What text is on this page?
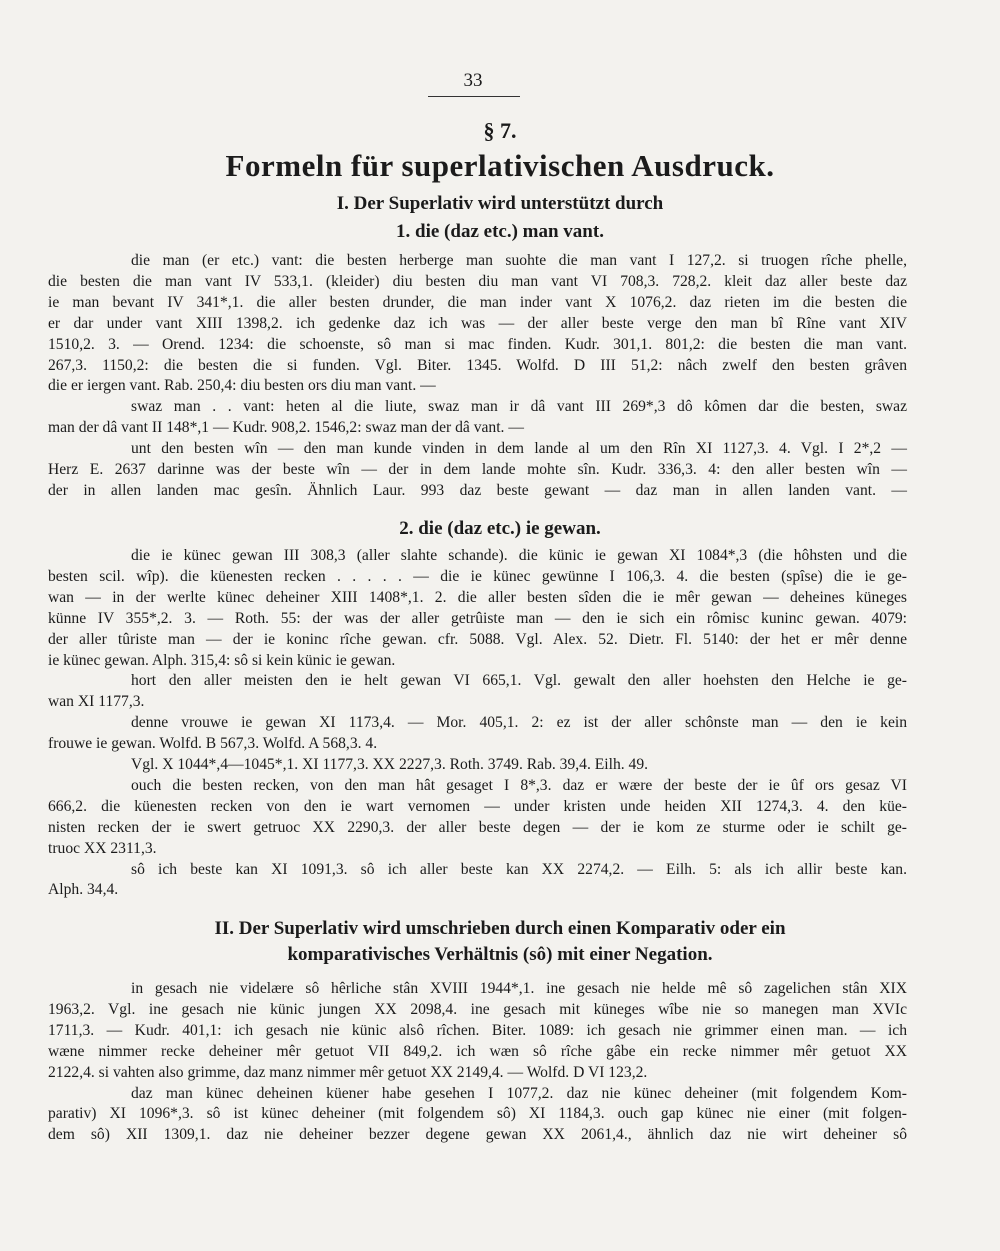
33
§ 7.
Formeln für superlativischen Ausdruck.
I. Der Superlativ wird unterstützt durch
1. die (daz etc.) man vant.
die man (er etc.) vant: die besten herberge man suohte die man vant I 127,2. si truogen rîche phelle,
die besten die man vant IV 533,1. (kleider) diu besten diu man vant VI 708,3. 728,2. kleit daz aller beste daz
ie man bevant IV 341*,1. die aller besten drunder, die man inder vant X 1076,2. daz rieten im die besten die
er dar under vant XIII 1398,2. ich gedenke daz ich was — der aller beste verge den man bî Rîne vant XIV
1510,2. 3. — Orend. 1234: die schoenste, sô man si mac finden. Kudr. 301,1. 801,2: die besten die man vant.
267,3. 1150,2: die besten die si funden. Vgl. Biter. 1345. Wolfd. D III 51,2: nâch zwelf den besten grâven
die er iergen vant. Rab. 250,4: diu besten ors diu man vant. —
swaz man . . vant: heten al die liute, swaz man ir dâ vant III 269*,3 dô kômen dar die besten, swaz
man der dâ vant II 148*,1 — Kudr. 908,2. 1546,2: swaz man der dâ vant. —
unt den besten wîn — den man kunde vinden in dem lande al um den Rîn XI 1127,3. 4. Vgl. I 2*,2 —
Herz E. 2637 darinne was der beste wîn — der in dem lande mohte sîn. Kudr. 336,3. 4: den aller besten wîn —
der in allen landen mac gesîn. Ähnlich Laur. 993 daz beste gewant — daz man in allen landen vant. —
2. die (daz etc.) ie gewan.
die ie künec gewan III 308,3 (aller slahte schande). die künic ie gewan XI 1084*,3 (die hôhsten und die
besten scil. wîp). die küenesten recken . . . . . — die ie künec gewünne I 106,3. 4. die besten (spîse) die ie ge-
wan — in der werlte künec deheiner XIII 1408*,1. 2. die aller besten sîden die ie mêr gewan — deheines küneges
künne IV 355*,2. 3. — Roth. 55: der was der aller getrûiste man — den ie sich ein rômisc kuninc gewan. 4079:
der aller tûriste man — der ie koninc rîche gewan. cfr. 5088. Vgl. Alex. 52. Dietr. Fl. 5140: der het er mêr denne
ie künec gewan. Alph. 315,4: sô si kein künic ie gewan.
hort den aller meisten den ie helt gewan VI 665,1. Vgl. gewalt den aller hoehsten den Helche ie ge-
wan XI 1177,3.
denne vrouwe ie gewan XI 1173,4. — Mor. 405,1. 2: ez ist der aller schônste man — den ie kein
frouwe ie gewan. Wolfd. B 567,3. Wolfd. A 568,3. 4.
Vgl. X 1044*,4—1045*,1. XI 1177,3. XX 2227,3. Roth. 3749. Rab. 39,4. Eilh. 49.
ouch die besten recken, von den man hât gesaget I 8*,3. daz er wære der beste der ie ûf ors gesaz VI
666,2. die küenesten recken von den ie wart vernomen — under kristen unde heiden XII 1274,3. 4. den küe-
nisten recken der ie swert getruoc XX 2290,3. der aller beste degen — der ie kom ze sturme oder ie schilt ge-
truoc XX 2311,3.
sô ich beste kan XI 1091,3. sô ich aller beste kan XX 2274,2. — Eilh. 5: als ich allir beste kan.
Alph. 34,4.
II. Der Superlativ wird umschrieben durch einen Komparativ oder ein
komparativisches Verhältnis (sô) mit einer Negation.
in gesach nie videlære sô hêrliche stân XVIII 1944*,1. ine gesach nie helde mê sô zagelichen stân XIX
1963,2. Vgl. ine gesach nie künic jungen XX 2098,4. ine gesach mit küneges wîbe nie so manegen man XVIc
1711,3. — Kudr. 401,1: ich gesach nie künic alsô rîchen. Biter. 1089: ich gesach nie grimmer einen man. — ich
wæne nimmer recke deheiner mêr getuot VII 849,2. ich wæn sô rîche gâbe ein recke nimmer mêr getuot XX
2122,4. si vahten also grimme, daz manz nimmer mêr getuot XX 2149,4. — Wolfd. D VI 123,2.
daz man künec deheinen küener habe gesehen I 1077,2. daz nie künec deheiner (mit folgendem Kom-
parativ) XI 1096*,3. sô ist künec deheiner (mit folgendem sô) XI 1184,3. ouch gap künec nie einer (mit folgen-
dem sô) XII 1309,1. daz nie deheiner bezzer degene gewan XX 2061,4., ähnlich daz nie wirt deheiner sô
